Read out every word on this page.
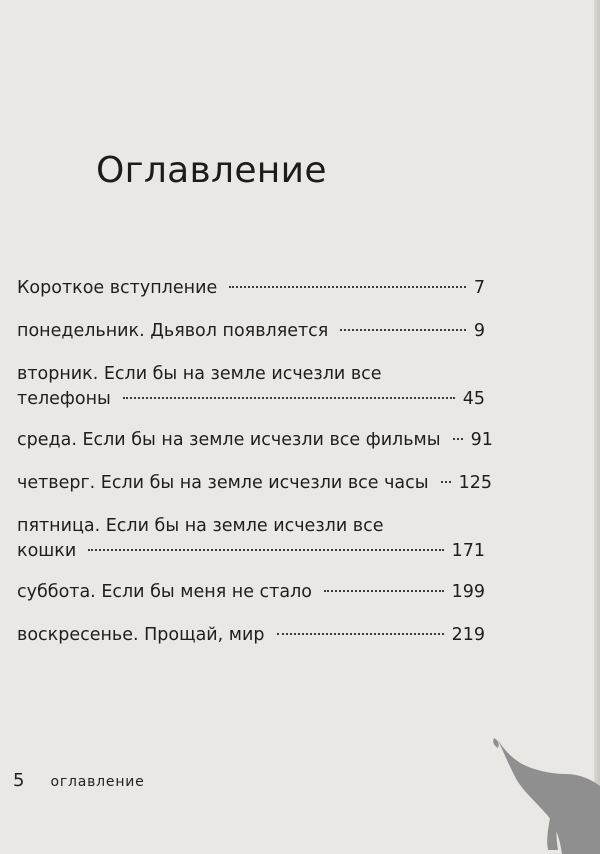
Оглавление
Короткое вступление	7
понедельник. Дьявол появляется	9
вторник. Если бы на земле исчезли все
телефоны	45
среда. Если бы на земле исчезли все фильмы 91
четверг. Если бы на земле исчезли все часы 125
пятница. Если бы на земле исчезли все
кошки	171
суббота. Если бы меня не стало	199
воскресенье. Прощай, мир	219
5 оглавление
